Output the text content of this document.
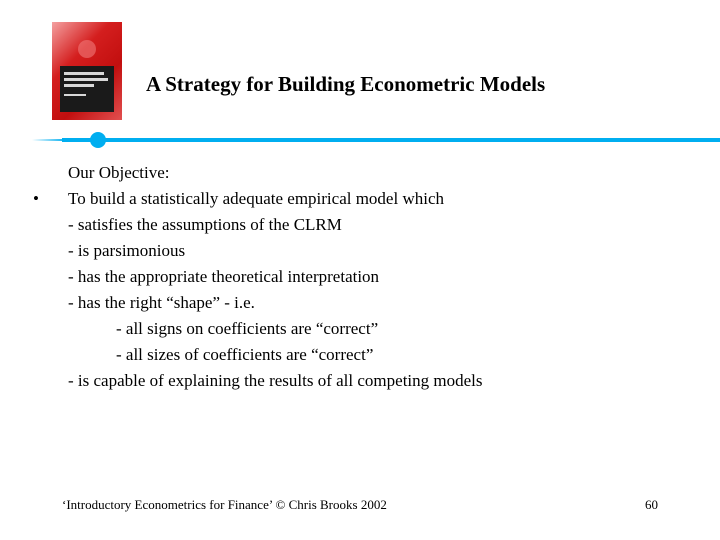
A Strategy for Building Econometric Models
Our Objective:
• To build a statistically adequate empirical model which
- satisfies the assumptions of the CLRM
- is parsimonious
- has the appropriate theoretical interpretation
- has the right “shape” - i.e.
- all signs on coefficients are “correct”
- all sizes of coefficients are “correct”
- is capable of explaining the results of all competing models
‘Introductory Econometrics for Finance’ © Chris Brooks 2002	60
